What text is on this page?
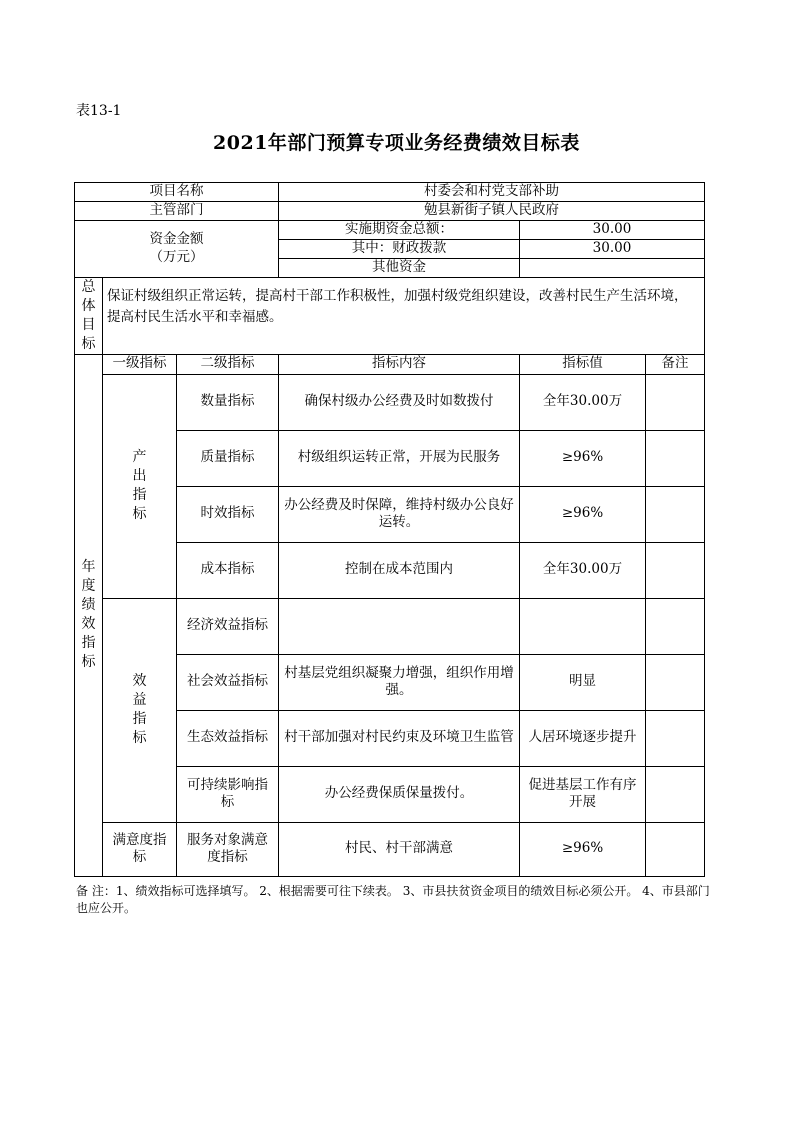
表13-1
2021年部门预算专项业务经费绩效目标表
项目名称			村委会和村党支部补助		
主管部门			勉县新街子镇人民政府		

资金金额
（万元）			实施期资金总额：	30.00	
			其中：财政拨款	30.00	
			其他资金		
总体目标	保证村级组织正常运转，提高村干部工作积极性，加强村级党组织建设，改善村民生产生活环境，提高村民生活水平和幸福感。				
年度绩效指标	一级指标	二级指标	指标内容	指标值	备注
	产出指标	数量指标	确保村级办公经费及时如数拨付	全年30.00万	
		质量指标	村级组织运转正常，开展为民服务	≥96%	
		时效指标	办公经费及时保障，维持村级办公良好运转。	≥96%	
		成本指标	控制在成本范围内	全年30.00万	
	效益指标	经济效益指标			
		社会效益指标	村基层党组织凝聚力增强，组织作用增强。	明显	
		生态效益指标	村干部加强对村民约束及环境卫生监管	人居环境逐步提升	
		可持续影响指标	办公经费保质保量拨付。	促进基层工作有序开展	
	满意度指标	服务对象满意度指标	村民、村干部满意	≥96%	
备 注：1、绩效指标可选择填写。 2、根据需要可往下续表。 3、市县扶贫资金项目的绩效目标必须公开。 4、市县部门也应公开。
